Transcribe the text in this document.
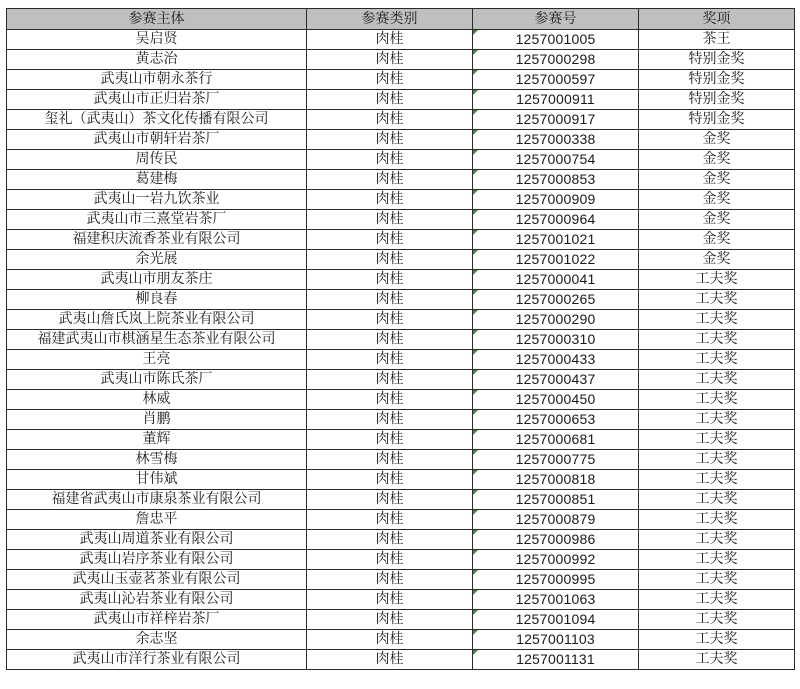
参赛主体	参赛类别	参赛号	奖项
吴启贤	肉桂	1257001005	茶王
黄志治	肉桂	1257000298	特别金奖
武夷山市朝永茶行	肉桂	1257000597	特别金奖
武夷山市正归岩茶厂	肉桂	1257000911	特别金奖
玺礼（武夷山）茶文化传播有限公司	肉桂	1257000917	特别金奖
武夷山市朝轩岩茶厂	肉桂	1257000338	金奖
周传民	肉桂	1257000754	金奖
葛建梅	肉桂	1257000853	金奖
武夷山一岩九饮茶业	肉桂	1257000909	金奖
武夷山市三熹堂岩茶厂	肉桂	1257000964	金奖
福建积庆流香茶业有限公司	肉桂	1257001021	金奖
余光展	肉桂	1257001022	金奖
武夷山市朋友茶庄	肉桂	1257000041	工夫奖
柳良春	肉桂	1257000265	工夫奖
武夷山詹氏岚上院茶业有限公司	肉桂	1257000290	工夫奖
福建武夷山市棋涵星生态茶业有限公司	肉桂	1257000310	工夫奖
王亮	肉桂	1257000433	工夫奖
武夷山市陈氏茶厂	肉桂	1257000437	工夫奖
林威	肉桂	1257000450	工夫奖
肖鹏	肉桂	1257000653	工夫奖
董辉	肉桂	1257000681	工夫奖
林雪梅	肉桂	1257000775	工夫奖
甘伟斌	肉桂	1257000818	工夫奖
福建省武夷山市康泉茶业有限公司	肉桂	1257000851	工夫奖
詹忠平	肉桂	1257000879	工夫奖
武夷山周道茶业有限公司	肉桂	1257000986	工夫奖
武夷山岩序茶业有限公司	肉桂	1257000992	工夫奖
武夷山玉壶茗茶业有限公司	肉桂	1257000995	工夫奖
武夷山沁岩茶业有限公司	肉桂	1257001063	工夫奖
武夷山市祥梓岩茶厂	肉桂	1257001094	工夫奖
余志坚	肉桂	1257001103	工夫奖
武夷山市洋行茶业有限公司	肉桂	1257001131	工夫奖
